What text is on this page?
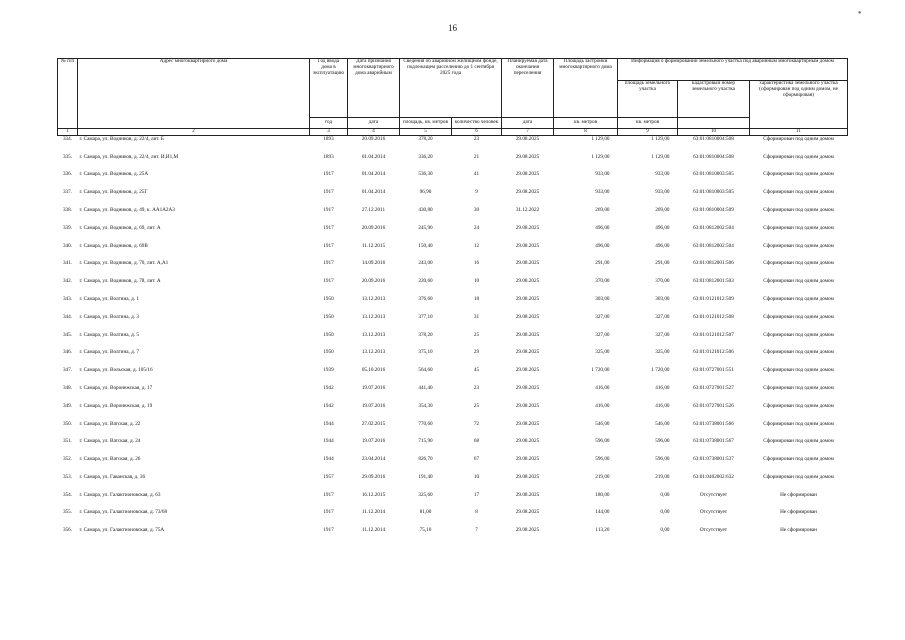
16
*
№ п/п	Адрес многоквартирного дома	Год ввода дома в эксплуатацию	Дата признания многоквартирного дома аварийным	Сведения об аварийном жилищном фонде, подлежащем расселению до 1 сентября 2025 года		Планируемая дата окончания переселения	Площадь застройки многоквартирного дома	Информация о формировании земельного участка под аварийным многоквартирным домом		
								площадь земельного участка	кадастровый номер земельного участка	характеристика земельного участка (сформирован под одним домом, не сформирован)
		год	дата	площадь, кв. метров	количество человек	дата	кв. метров	кв. метров		
1	2	3	4	5	6	7	8	9	10	11
334.	г. Самара, ул. Водников, д. 22/4, лит. Б	1893	20.09.2016	378,20	23	29.08.2025	1 129,00	1 129,00	63:01:0810004:508	Сформирован под одним домом
335.	г. Самара, ул. Водников, д. 22/4, лит. И,И1,М	1893	01.04.2014	336,20	21	29.08.2025	1 129,00	1 129,00	63:01:0810004:508	Сформирован под одним домом
336.	г. Самара, ул. Водников, д. 25А	1917	01.04.2014	536,30	41	29.08.2025	933,00	933,00	63:01:0810003:505	Сформирован под одним домом
337.	г. Самара, ул. Водников, д. 25Г	1917	01.04.2014	96,90	9	29.08.2025	933,00	933,00	63:01:0810003:505	Сформирован под одним домом
338.	г. Самара, ул. Водников, д. 49, к. АА1А2А3	1917	27.12.2011	430,80	30	31.12.2022	269,00	269,00	63:01:0810004:509	Сформирован под одним домом
339.	г. Самара, ул. Водников, д. 69, лит. А	1917	20.09.2016	245,90	24	29.08.2025	496,00	496,00	63:01:0812002:504	Сформирован под одним домом
340.	г. Самара, ул. Водников, д. 69В	1917	11.12.2015	150,40	12	29.08.2025	496,00	496,00	63:01:0812002:504	Сформирован под одним домом
341.	г. Самара, ул. Водников, д. 70, лит. А,А1	1917	14.09.2016	243,00	16	29.08.2025	291,00	291,00	63:01:0812001:506	Сформирован под одним домом
342.	г. Самара, ул. Водников, д. 78, лит. А	1917	20.09.2016	220,60	10	29.08.2025	370,00	370,00	63:01:0812001:503	Сформирован под одним домом
343.	г. Самара, ул. Волгина, д. 1	1950	13.12.2013	376,60	18	29.08.2025	303,00	303,00	63:01:0121012:509	Сформирован под одним домом
344.	г. Самара, ул. Волгина, д. 3	1950	13.12.2013	377,10	31	29.08.2025	327,00	327,00	63:01:0121012:508	Сформирован под одним домом
345.	г. Самара, ул. Волгина, д. 5	1950	13.12.2013	378,20	25	29.08.2025	327,00	327,00	63:01:0121012:507	Сформирован под одним домом
346.	г. Самара, ул. Волгина, д. 7	1950	13.12.2013	375,10	29	29.08.2025	325,00	325,00	63:01:0121012:506	Сформирован под одним домом
347.	г. Самара, ул. Вольская, д. 105/16	1939	05.10.2016	564,60	45	29.08.2025	1 720,00	1 720,00	63:01:0727001:551	Сформирован под одним домом
348.	г. Самара, ул. Воронежская, д. 17	1942	19.07.2016	441,40	23	29.08.2025	416,00	416,00	63:01:0727001:527	Сформирован под одним домом
349.	г. Самара, ул. Воронежская, д. 19	1942	19.07.2016	354,30	25	29.08.2025	416,00	416,00	63:01:0727001:526	Сформирован под одним домом
350.	г. Самара, ул. Ватская, д. 22	1944	27.02.2015	770,60	72	29.08.2025	546,00	546,00	63:01:0738001:566	Сформирован под одним домом
351.	г. Самара, ул. Ватская, д. 24	1944	19.07.2016	715,90	68	29.08.2025	596,00	596,00	63:01:0738001:567	Сформирован под одним домом
352.	г. Самара, ул. Ватская, д. 26	1944	23.04.2014	826,70	67	29.08.2025	596,00	596,00	63:01:0738001:537	Сформирован под одним домом
353.	г. Самара, ул. Гаванская, д. 36	1957	29.09.2016	191,40	10	29.08.2025	219,00	219,00	63:01:0402002:632	Сформирован под одним домом
354.	г. Самара, ул. Галактионовская, д. 63	1917	16.12.2015	325,60	17	29.08.2025	180,00	0,00	Отсутствует	Не сформирован
355.	г. Самара, ул. Галактионовская, д. 73/68	1917	11.12.2014	81,00	8	29.08.2025	144,00	0,00	Отсутствует	Не сформирован
356.	г. Самара, ул. Галактионовская, д. 75А	1917	11.12.2014	75,10	7	29.08.2025	113,20	0,00	Отсутствует	Не сформирован
